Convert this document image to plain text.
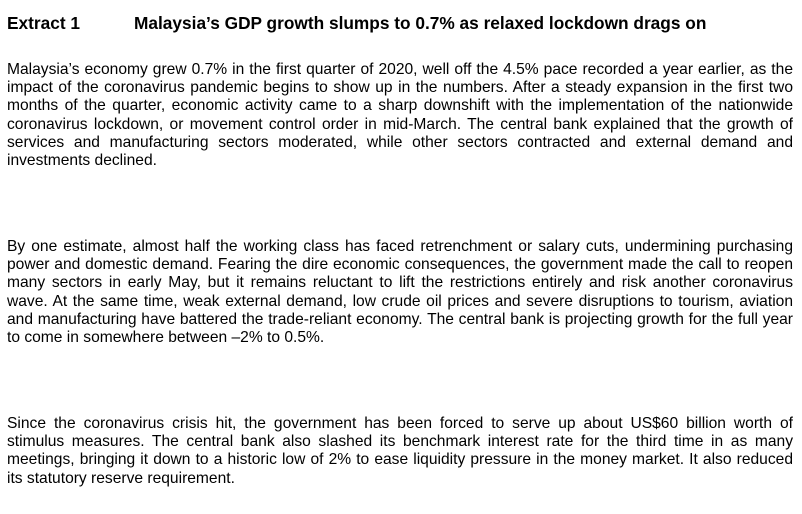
Extract 1	Malaysia’s GDP growth slumps to 0.7% as relaxed lockdown drags on

Malaysia’s economy grew 0.7% in the first quarter of 2020, well off the 4.5% pace recorded a year earlier, as the impact of the coronavirus pandemic begins to show up in the numbers. After a steady expansion in the first two months of the quarter, economic activity came to a sharp downshift with the implementation of the nationwide coronavirus lockdown, or movement control order in mid-March. The central bank explained that the growth of services and manufacturing sectors moderated, while other sectors contracted and external demand and investments declined.

By one estimate, almost half the working class has faced retrenchment or salary cuts, undermining purchasing power and domestic demand. Fearing the dire economic consequences, the government made the call to reopen many sectors in early May, but it remains reluctant to lift the restrictions entirely and risk another coronavirus wave. At the same time, weak external demand, low crude oil prices and severe disruptions to tourism, aviation and manufacturing have battered the trade-reliant economy. The central bank is projecting growth for the full year to come in somewhere between –2% to 0.5%.

Since the coronavirus crisis hit, the government has been forced to serve up about US$60 billion worth of stimulus measures. The central bank also slashed its benchmark interest rate for the third time in as many meetings, bringing it down to a historic low of 2% to ease liquidity pressure in the money market. It also reduced its statutory reserve requirement.
